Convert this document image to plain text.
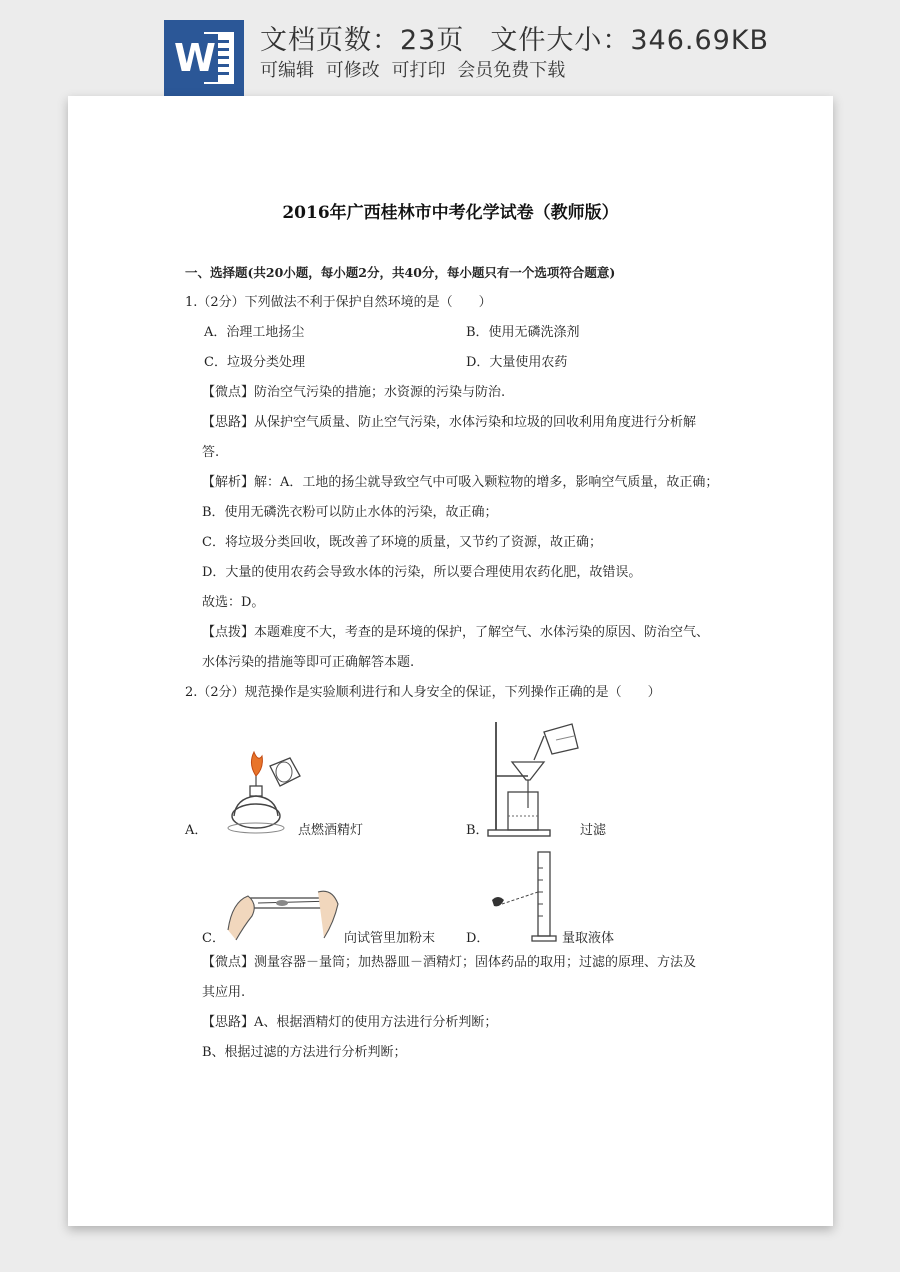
W 文档页数：23页 文件大小：346.69KB
可编辑 可修改 可打印 会员免费下载
2016年广西桂林市中考化学试卷（教师版）
一、选择题(共20小题，每小题2分，共40分，每小题只有一个选项符合题意)
1.（2分）下列做法不利于保护自然环境的是（　　）
A．治理工地扬尘	B．使用无磷洗涤剂
C．垃圾分类处理	D．大量使用农药
【微点】防治空气污染的措施；水资源的污染与防治.
【思路】从保护空气质量、防止空气污染，水体污染和垃圾的回收利用角度进行分析解
答.
【解析】解：A．工地的扬尘就导致空气中可吸入颗粒物的增多，影响空气质量，故正确；
B．使用无磷洗衣粉可以防止水体的污染，故正确；
C．将垃圾分类回收，既改善了环境的质量，又节约了资源，故正确；
D．大量的使用农药会导致水体的污染，所以要合理使用农药化肥，故错误。
故选：D。
【点拨】本题难度不大，考查的是环境的保护，了解空气、水体污染的原因、防治空气、
水体污染的措施等即可正确解答本题.
2.（2分）规范操作是实验顺利进行和人身安全的保证，下列操作正确的是（　　）
A．	点燃酒精灯	B．	过滤
C．	向试管里加粉末 D．	量取液体
【微点】测量容器－量筒；加热器皿－酒精灯；固体药品的取用；过滤的原理、方法及
其应用.
【思路】A、根据酒精灯的使用方法进行分析判断；
B、根据过滤的方法进行分析判断；
